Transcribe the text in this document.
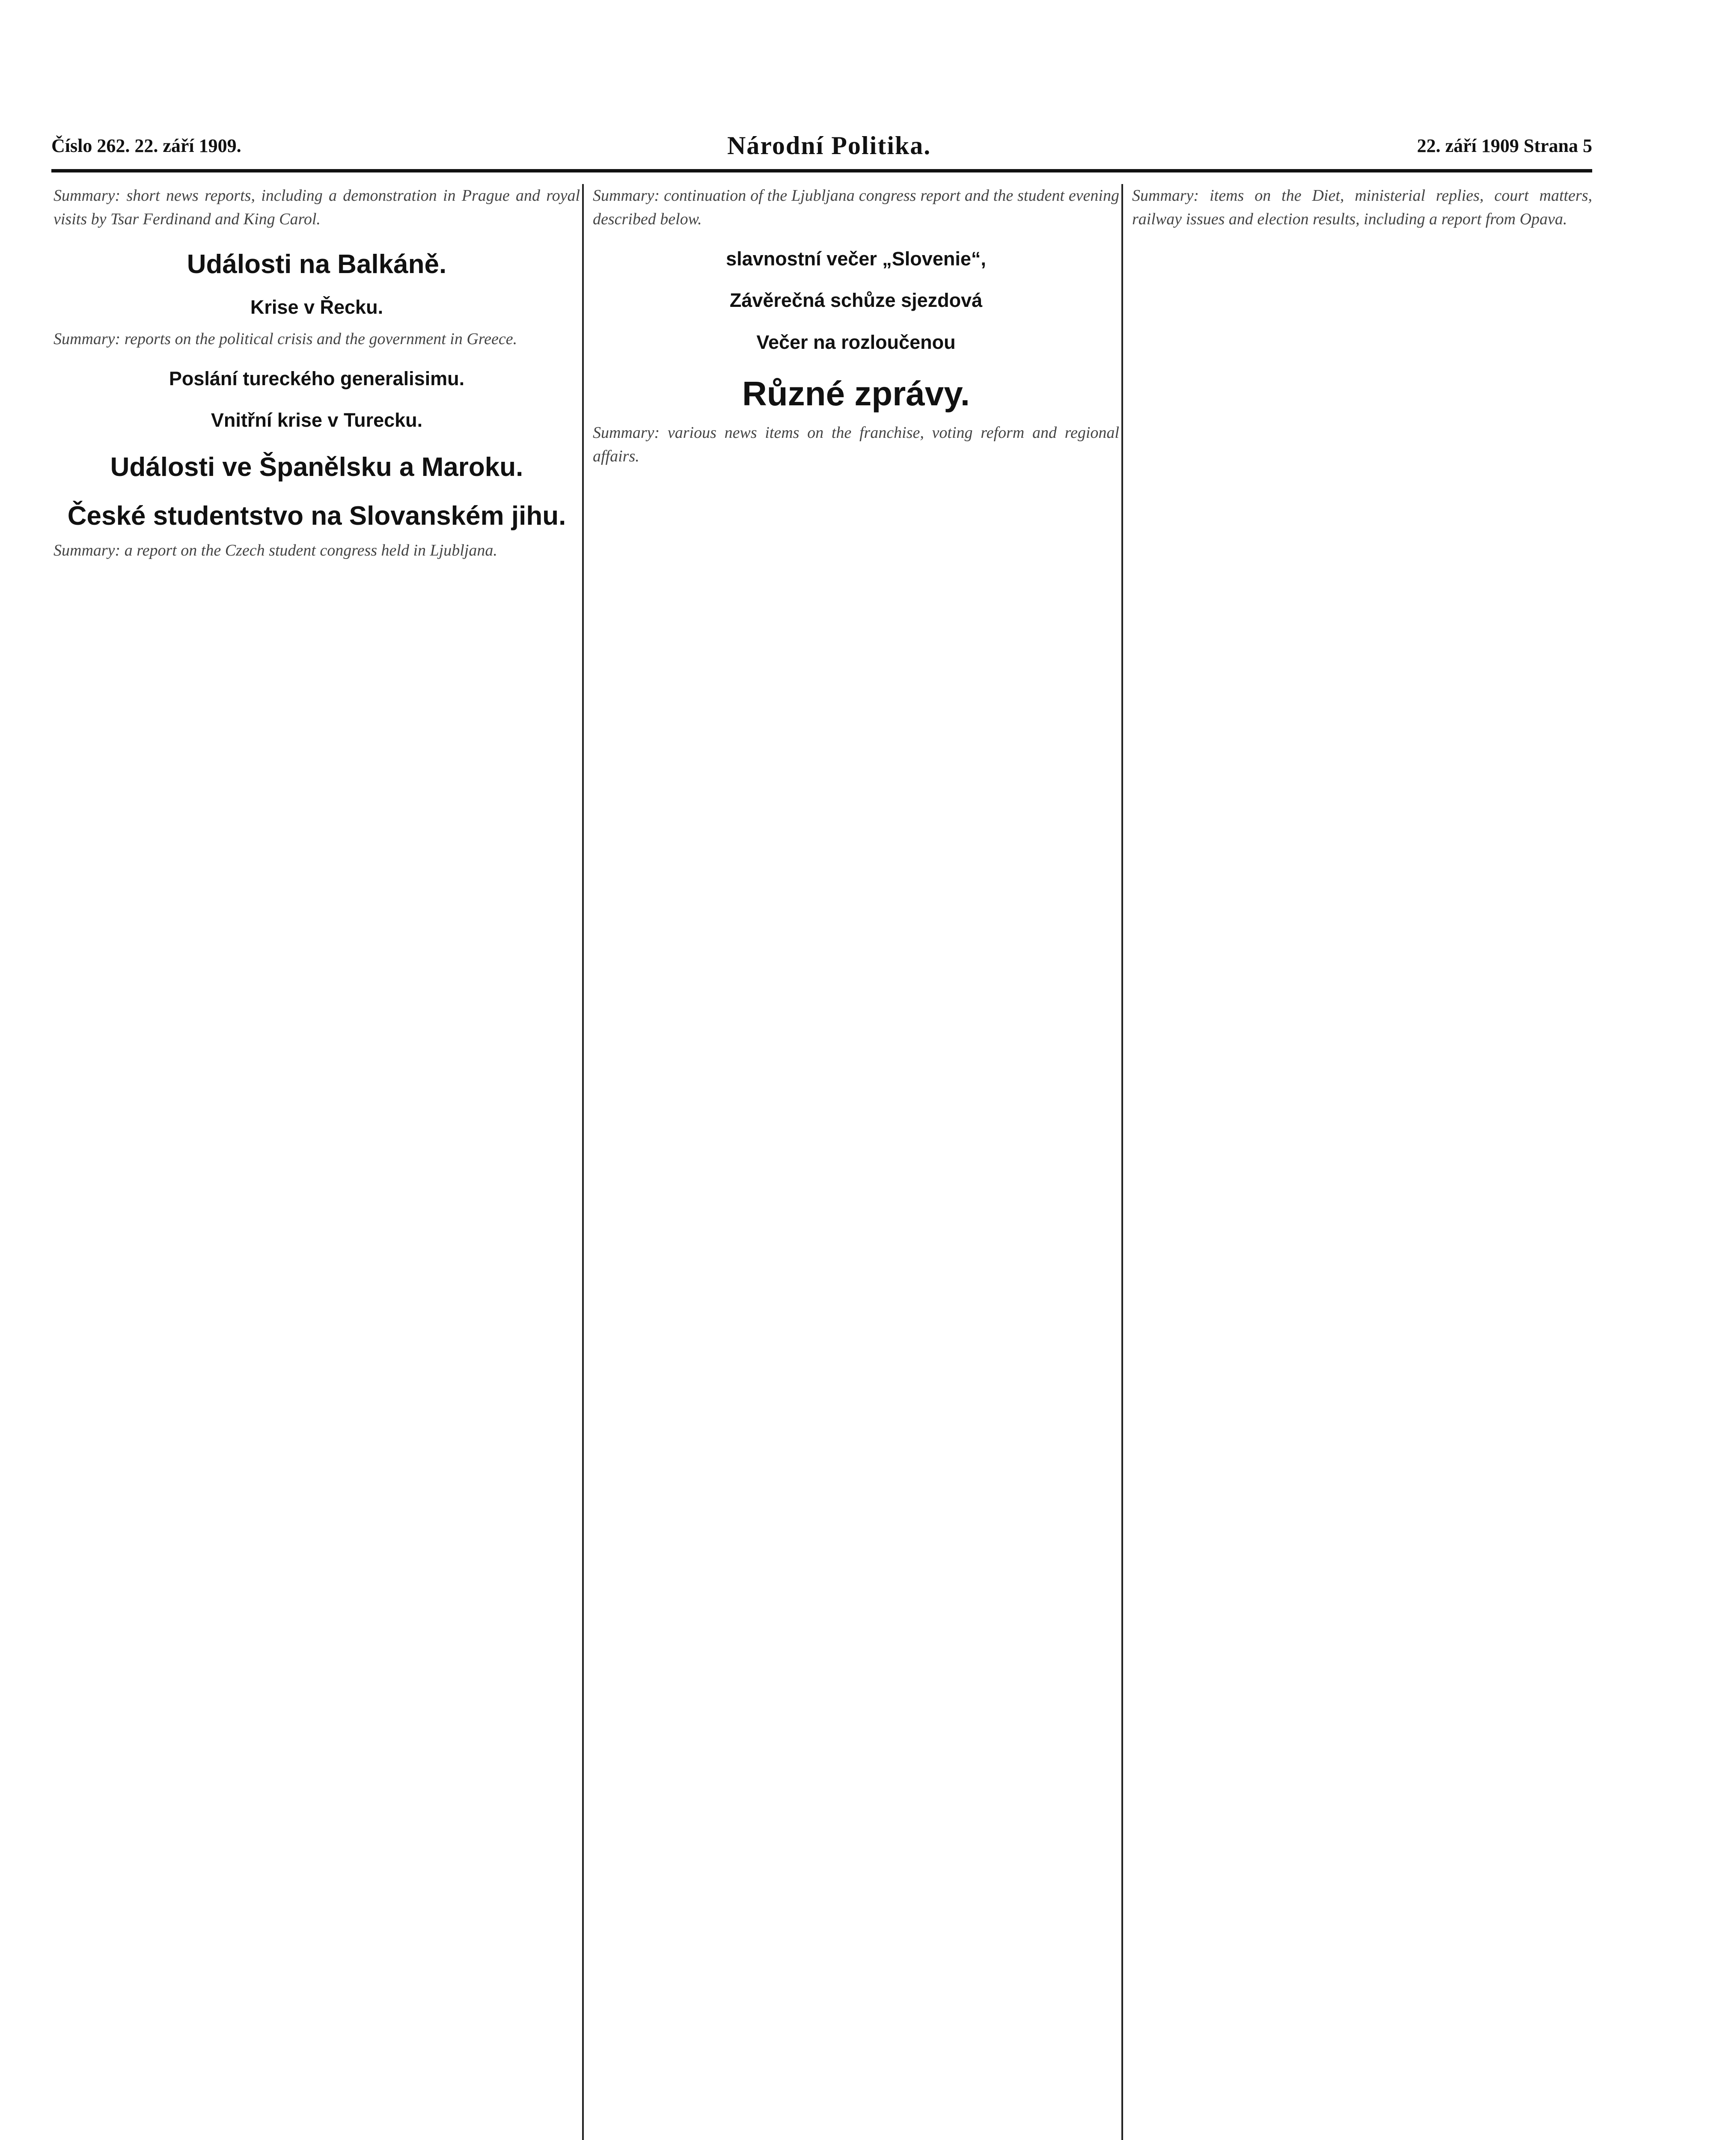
Číslo 262. 22. září 1909.	Národní Politika.	22. září 1909 Strana 5

Summary: short news reports, including a demonstration in Prague and royal visits by Tsar Ferdinand and King Carol.

Události na Balkáně.
Krise v Řecku.

Summary: reports on the political crisis and the government in Greece.

Poslání tureckého generalisimu.
Vnitřní krise v Turecku.
Události ve Španělsku a Maroku.
České studentstvo na Slovanském jihu.

Summary: a report on the Czech student congress held in Ljubljana.

Summary: continuation of the Ljubljana congress report and the student evening described below.

slavnostní večer „Slovenie“,
Závěrečná schůze sjezdová
Večer na rozloučenou
Různé zprávy.

Summary: various news items on the franchise, voting reform and regional affairs.

Summary: items on the Diet, ministerial replies, court matters, railway issues and election results, including a report from Opava.
